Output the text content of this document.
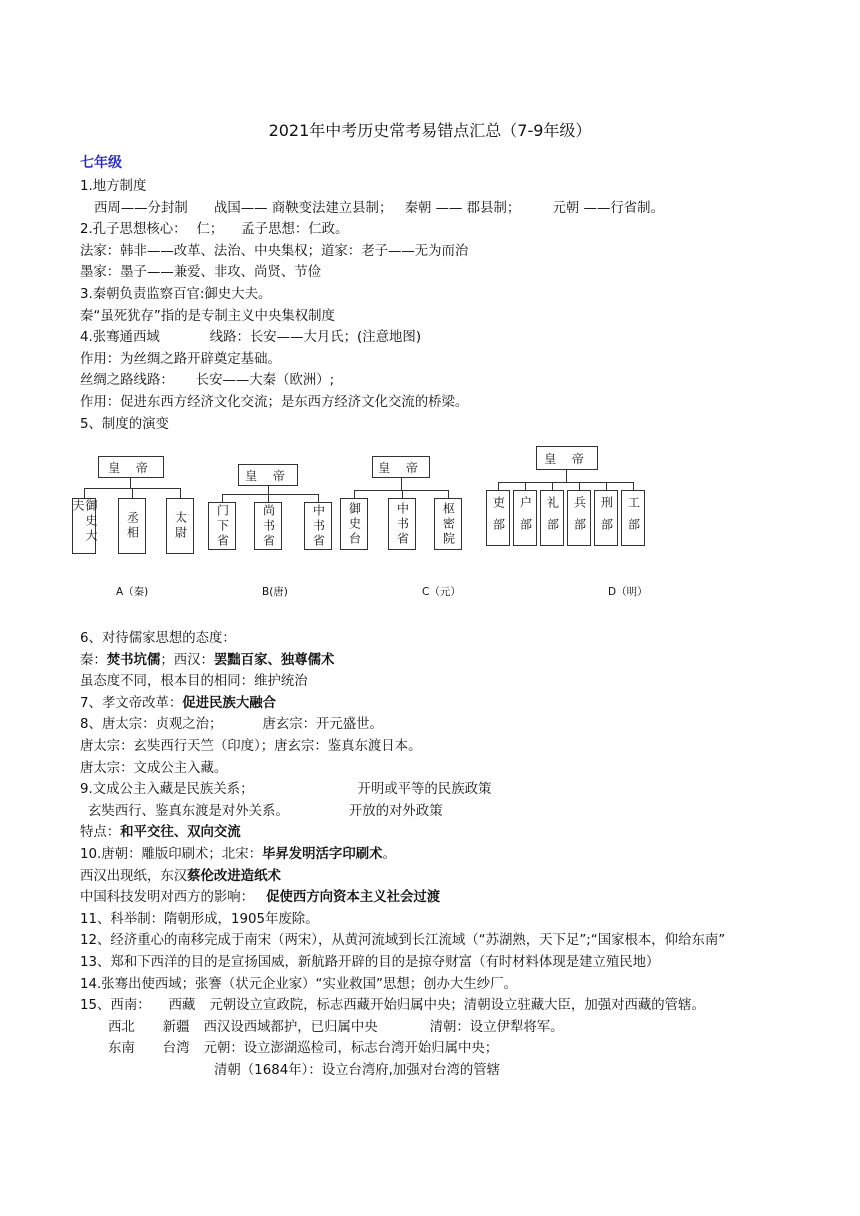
2021年中考历史常考易错点汇总（7-9年级）
七年级
1.地方制度
西周——分封制 战国—— 商鞅变法建立县制； 秦朝 —— 郡县制； 元朝 ——行省制。
2.孔子思想核心： 仁； 孟子思想：仁政。
法家：韩非——改革、法治、中央集权；道家：老子——无为而治
墨家：墨子——兼爱、非攻、尚贤、节俭
3.秦朝负责监察百官:御史大夫。
秦“虽死犹存”指的是专制主义中央集权制度
4.张骞通西域	线路：长安——大月氏；(注意地图)
作用：为丝绸之路开辟奠定基础。
丝绸之路线路： 长安——大秦（欧洲）;
作用：促进东西方经济文化交流；是东西方经济文化交流的桥梁。
5、制度的演变
皇 帝
御史大夫
丞相	太尉
A（秦)
皇 帝
门下省	尚书省	中书省
B(唐)
皇 帝
御史台	中书省	枢密院
C（元）
皇 帝
吏部 户部 礼部 兵部 刑部 工部
D（明）
6、对待儒家思想的态度：
秦：焚书坑儒；西汉：罢黜百家、独尊儒术
虽态度不同，根本目的相同：维护统治
7、孝文帝改革：促进民族大融合
8、唐太宗：贞观之治；	唐玄宗：开元盛世。
唐太宗：玄奘西行天竺（印度）；唐玄宗：鉴真东渡日本。
唐太宗：文成公主入藏。
9.文成公主入藏是民族关系；	开明或平等的民族政策
玄奘西行、鉴真东渡是对外关系。	开放的对外政策
特点：和平交往、双向交流
10.唐朝：雕版印刷术；北宋：毕昇发明活字印刷术。
西汉出现纸，东汉蔡伦改进造纸术
中国科技发明对西方的影响： 促使西方向资本主义社会过渡
11、科举制：隋朝形成，1905年废除。
12、经济重心的南移完成于南宋（两宋），从黄河流域到长江流域（“苏湖熟，天下足”;“国家根本，仰给东南”
13、郑和下西洋的目的是宣扬国威，新航路开辟的目的是掠夺财富（有时材料体现是建立殖民地）
14.张骞出使西域；张謇（状元企业家）“实业救国”思想；创办大生纱厂。
15、西南： 西藏 元朝设立宣政院，标志西藏开始归属中央；清朝设立驻藏大臣，加强对西藏的管辖。
西北 新疆 西汉设西域都护，已归属中央	清朝：设立伊犁将军。
东南 台湾 元朝：设立澎湖巡检司，标志台湾开始归属中央；
清朝（1684年）：设立台湾府,加强对台湾的管辖
